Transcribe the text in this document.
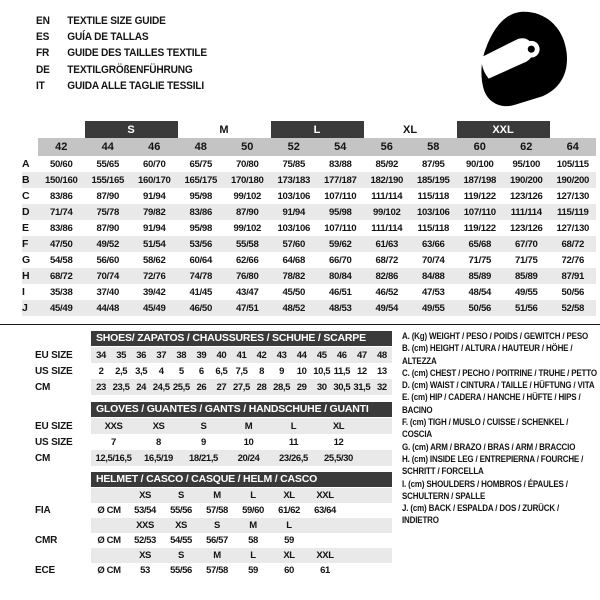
EN	TEXTILE SIZE GUIDE
ES	GUÍA DE TALLAS
FR	GUIDE DES TAILLES TEXTILE
DE	TEXTILGRÖßENFÜHRUNG
IT	GUIDA ALLE TAGLIE TESSILI
		S		M		L		XL		XXL		
	42	44	46	48	50	52	54	56	58	60	62	64
A	50/60	55/65	60/70	65/75	70/80	75/85	83/88	85/92	87/95	90/100	95/100	105/115
B	150/160	155/165	160/170	165/175	170/180	173/183	177/187	182/190	185/195	187/198	190/200	190/200
C	83/86	87/90	91/94	95/98	99/102	103/106	107/110	111/114	115/118	119/122	123/126	127/130
D	71/74	75/78	79/82	83/86	87/90	91/94	95/98	99/102	103/106	107/110	111/114	115/119
E	83/86	87/90	91/94	95/98	99/102	103/106	107/110	111/114	115/118	119/122	123/126	127/130
F	47/50	49/52	51/54	53/56	55/58	57/60	59/62	61/63	63/66	65/68	67/70	68/72
G	54/58	56/60	58/62	60/64	62/66	64/68	66/70	68/72	70/74	71/75	71/75	72/76
H	68/72	70/74	72/76	74/78	76/80	78/82	80/84	82/86	84/88	85/89	85/89	87/91
I	35/38	37/40	39/42	41/45	43/47	45/50	46/51	46/52	47/53	48/54	49/55	50/56
J	45/49	44/48	45/49	46/50	47/51	48/52	48/53	49/54	49/55	50/56	51/56	52/58
SHOES/ ZAPATOS / CHAUSSURES / SCHUHE / SCARPE
EU SIZE	34	35	36	37	38	39	40	41	42	43	44	45	46	47	48
US SIZE	2	2,5	3,5	4	5	6	6,5	7,5	8	9	10	10,5	11,5	12	13
CM	23	23,5	24	24,5	25,5	26	27	27,5	28	28,5	29	30	30,5	31,5	32
GLOVES / GUANTES / GANTS / HANDSCHUHE / GUANTI
EU SIZE	XXS	XS	S	M	L	XL	
US SIZE	7	8	9	10	11	12	
CM	12,5/16,5	16,5/19	18/21,5	20/24	23/26,5	25,5/30	
HELMET / CASCO / CASQUE / HELM / CASCO
		XS	S	M	L	XL	XXL	
FIA	Ø CM	53/54	55/56	57/58	59/60	61/62	63/64	
		XXS	XS	S	M	L		
CMR	Ø CM	52/53	54/55	56/57	58	59		
		XS	S	M	L	XL	XXL	
ECE	Ø CM	53	55/56	57/58	59	60	61	
A. (Kg) WEIGHT / PESO / POIDS / GEWITCH / PESO
B. (cm) HEIGHT / ALTURA / HAUTEUR / HÖHE / ALTEZZA
C. (cm) CHEST / PECHO / POITRINE / TRUHE / PETTO
D. (cm) WAIST / CINTURA / TAILLE / HÜFTUNG / VITA
E. (cm) HIP / CADERA / HANCHE / HÜFTE / HIPS / BACINO
F. (cm) TIGH / MUSLO / CUISSE / SCHENKEL / COSCIA
G. (cm) ARM / BRAZO / BRAS / ARM / BRACCIO
H. (cm) INSIDE LEG / ENTREPIERNA / FOURCHE / SCHRITT / FORCELLA
I. (cm) SHOULDERS / HOMBROS / ÉPAULES / SCHULTERN / SPALLE
J. (cm) BACK / ESPALDA / DOS / ZURÜCK / INDIETRO
